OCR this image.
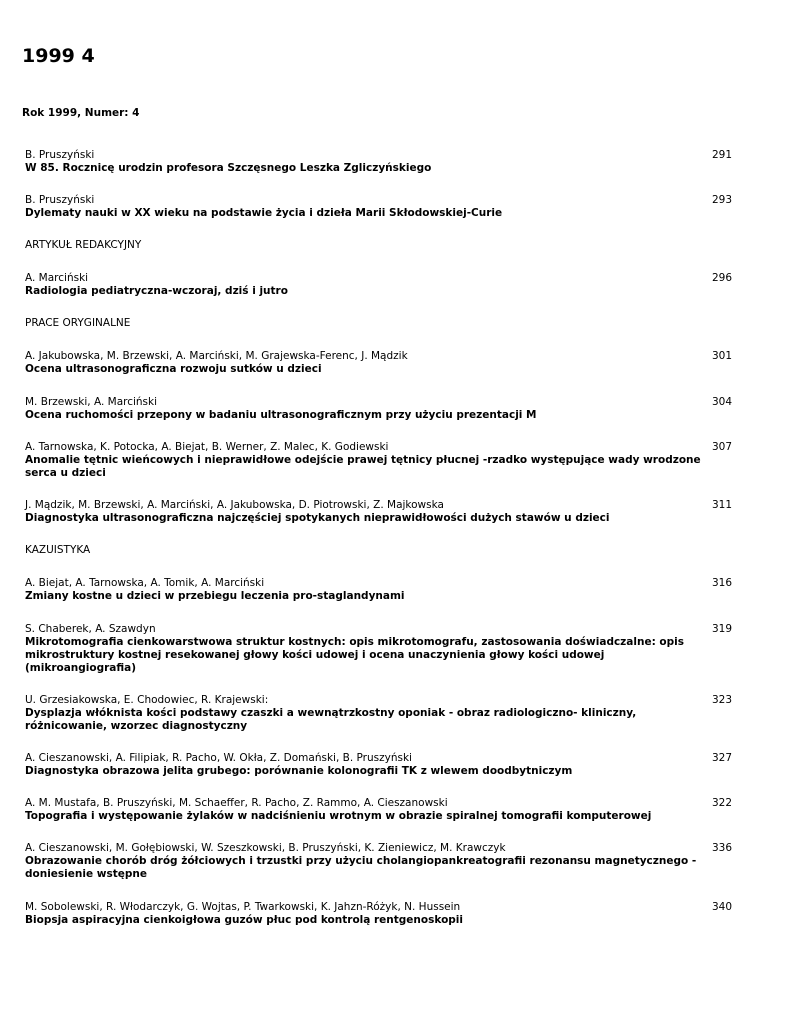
1999 4
Rok 1999, Numer: 4
B. Pruszyński
W 85. Rocznicę urodzin profesora Szczęsnego Leszka Zgliczyńskiego
291
B. Pruszyński
Dylematy nauki w XX wieku na podstawie życia i dzieła Marii Skłodowskiej-Curie
293
ARTYKUŁ REDAKCYJNY
A. Marciński
Radiologia pediatryczna-wczoraj, dziś i jutro
296
PRACE ORYGINALNE
A. Jakubowska, M. Brzewski, A. Marciński, M. Grajewska-Ferenc, J. Mądzik
Ocena ultrasonograficzna rozwoju sutków u dzieci
301
M. Brzewski, A. Marciński
Ocena ruchomości przepony w badaniu ultrasonograficznym przy użyciu prezentacji M
304
A. Tarnowska, K. Potocka, A. Biejat, B. Werner, Z. Malec, K. Godiewski
Anomalie tętnic wieńcowych i nieprawidłowe odejście prawej tętnicy płucnej -rzadko występujące wady wrodzone serca u dzieci
307
J. Mądzik, M. Brzewski, A. Marciński, A. Jakubowska, D. Piotrowski, Z. Majkowska
Diagnostyka ultrasonograficzna najczęściej spotykanych nieprawidłowości dużych stawów u dzieci
311
KAZUISTYKA
A. Biejat, A. Tarnowska, A. Tomik, A. Marciński
Zmiany kostne u dzieci w przebiegu leczenia pro-staglandynami
316
S. Chaberek, A. Szawdyn
Mikrotomografia cienkowarstwowa struktur kostnych: opis mikrotomografu, zastosowania doświadczalne: opis mikrostruktury kostnej resekowanej głowy kości udowej i ocena unaczynienia głowy kości udowej (mikroangiografia)
319
U. Grzesiakowska, E. Chodowiec, R. Krajewski:
Dysplazja włóknista kości podstawy czaszki a wewnątrzkostny oponiak - obraz radiologiczno- kliniczny, różnicowanie, wzorzec diagnostyczny
323
A. Cieszanowski, A. Filipiak, R. Pacho, W. Okła, Z. Domański, B. Pruszyński
Diagnostyka obrazowa jelita grubego: porównanie kolonografii TK z wlewem doodbytniczym
327
A. M. Mustafa, B. Pruszyński, M. Schaeffer, R. Pacho, Z. Rammo, A. Cieszanowski
Topografia i występowanie żylaków w nadciśnieniu wrotnym w obrazie spiralnej tomografii komputerowej
322
A. Cieszanowski, M. Gołębiowski, W. Szeszkowski, B. Pruszyński, K. Zieniewicz, M. Krawczyk
Obrazowanie chorób dróg żółciowych i trzustki przy użyciu cholangiopankreatografii rezonansu magnetycznego - doniesienie wstępne
336
M. Sobolewski, R. Włodarczyk, G. Wojtas, P. Twarkowski, K. Jahzn-Różyk, N. Hussein
Biopsja aspiracyjna cienkoigłowa guzów płuc pod kontrolą rentgenoskopii
340
